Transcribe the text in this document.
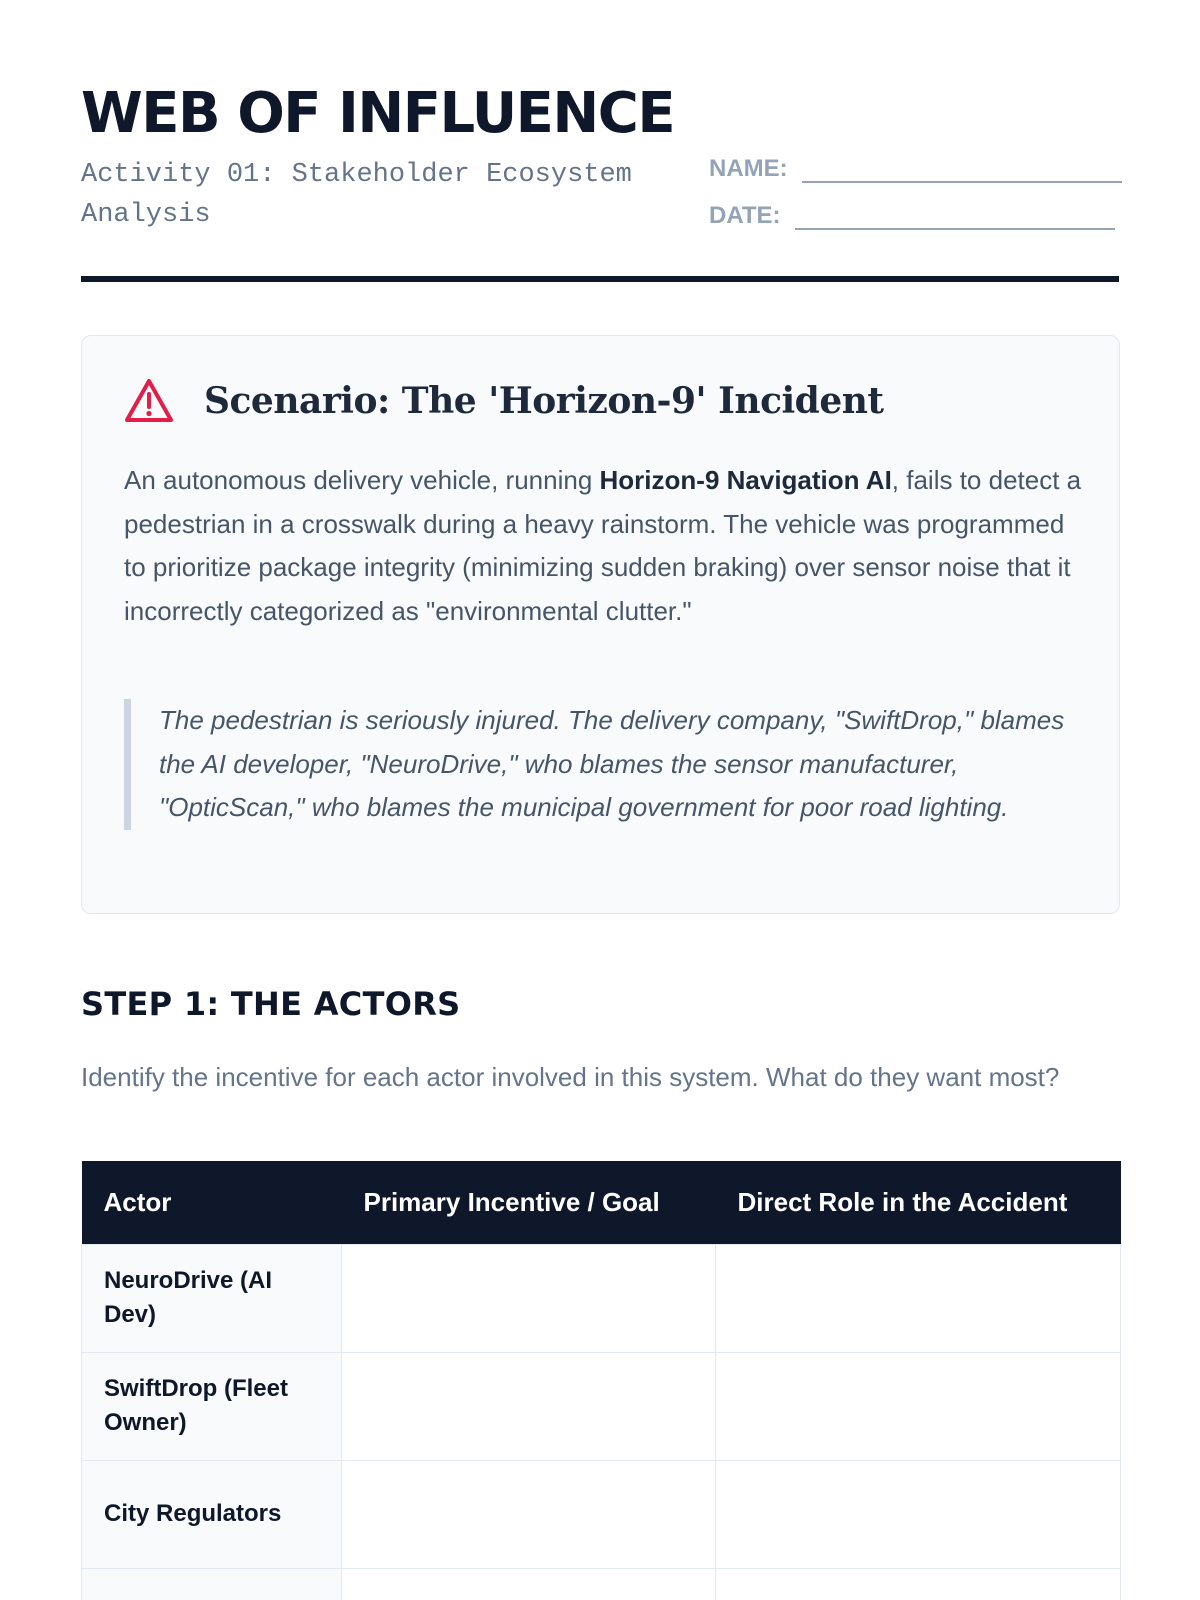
WEB OF INFLUENCE
Activity 01: Stakeholder Ecosystem Analysis
NAME:
DATE:
Scenario: The 'Horizon-9' Incident

An autonomous delivery vehicle, running Horizon-9 Navigation AI, fails to detect a pedestrian in a crosswalk during a heavy rainstorm. The vehicle was programmed to prioritize package integrity (minimizing sudden braking) over sensor noise that it incorrectly categorized as "environmental clutter."

The pedestrian is seriously injured. The delivery company, "SwiftDrop," blames the AI developer, "NeuroDrive," who blames the sensor manufacturer, "OpticScan," who blames the municipal government for poor road lighting.
STEP 1: THE ACTORS

Identify the incentive for each actor involved in this system. What do they want most?

Actor	Primary Incentive / Goal	Direct Role in the Accident
NeuroDrive (AI Dev)		
SwiftDrop (Fleet Owner)		
City Regulators		
